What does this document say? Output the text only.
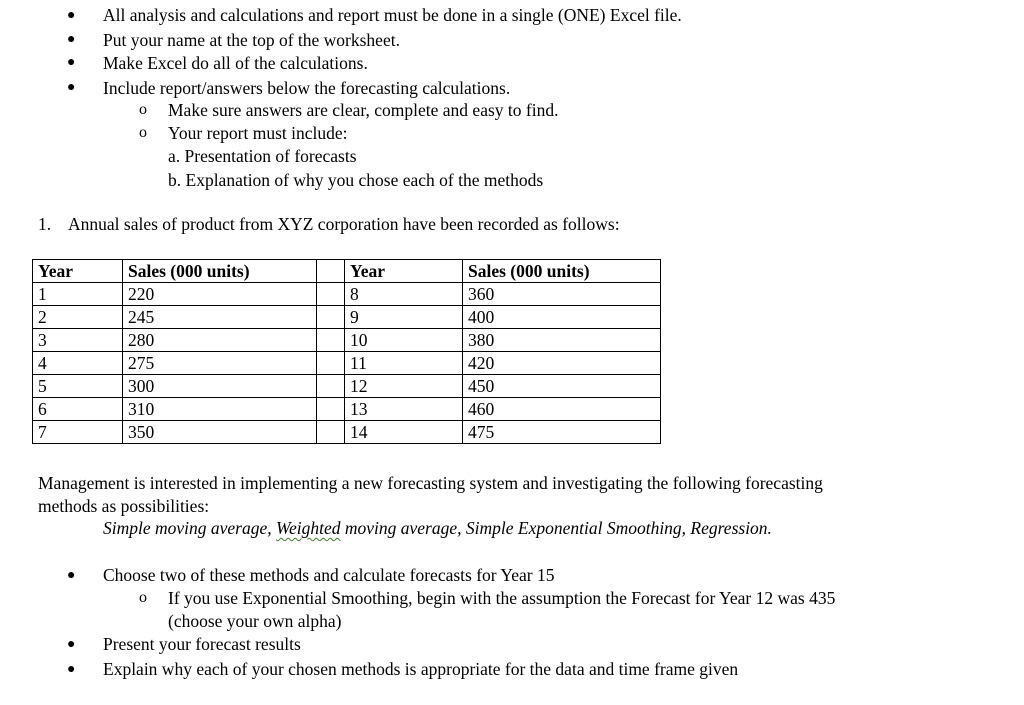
● All analysis and calculations and report must be done in a single (ONE) Excel file.
● Put your name at the top of the worksheet.
● Make Excel do all of the calculations.
● Include report/answers below the forecasting calculations.
o Make sure answers are clear, complete and easy to find.
o Your report must include:
a. Presentation of forecasts
b. Explanation of why you chose each of the methods
1. Annual sales of product from XYZ corporation have been recorded as follows:
Year	Sales (000 units)		Year	Sales (000 units)
1	220		8	360
2	245		9	400
3	280		10	380
4	275		11	420
5	300		12	450
6	310		13	460
7	350		14	475
Management is interested in implementing a new forecasting system and investigating the following forecasting
methods as possibilities:
Simple moving average, Weighted moving average, Simple Exponential Smoothing, Regression.
● Choose two of these methods and calculate forecasts for Year 15
o If you use Exponential Smoothing, begin with the assumption the Forecast for Year 12 was 435
(choose your own alpha)
● Present your forecast results
● Explain why each of your chosen methods is appropriate for the data and time frame given
